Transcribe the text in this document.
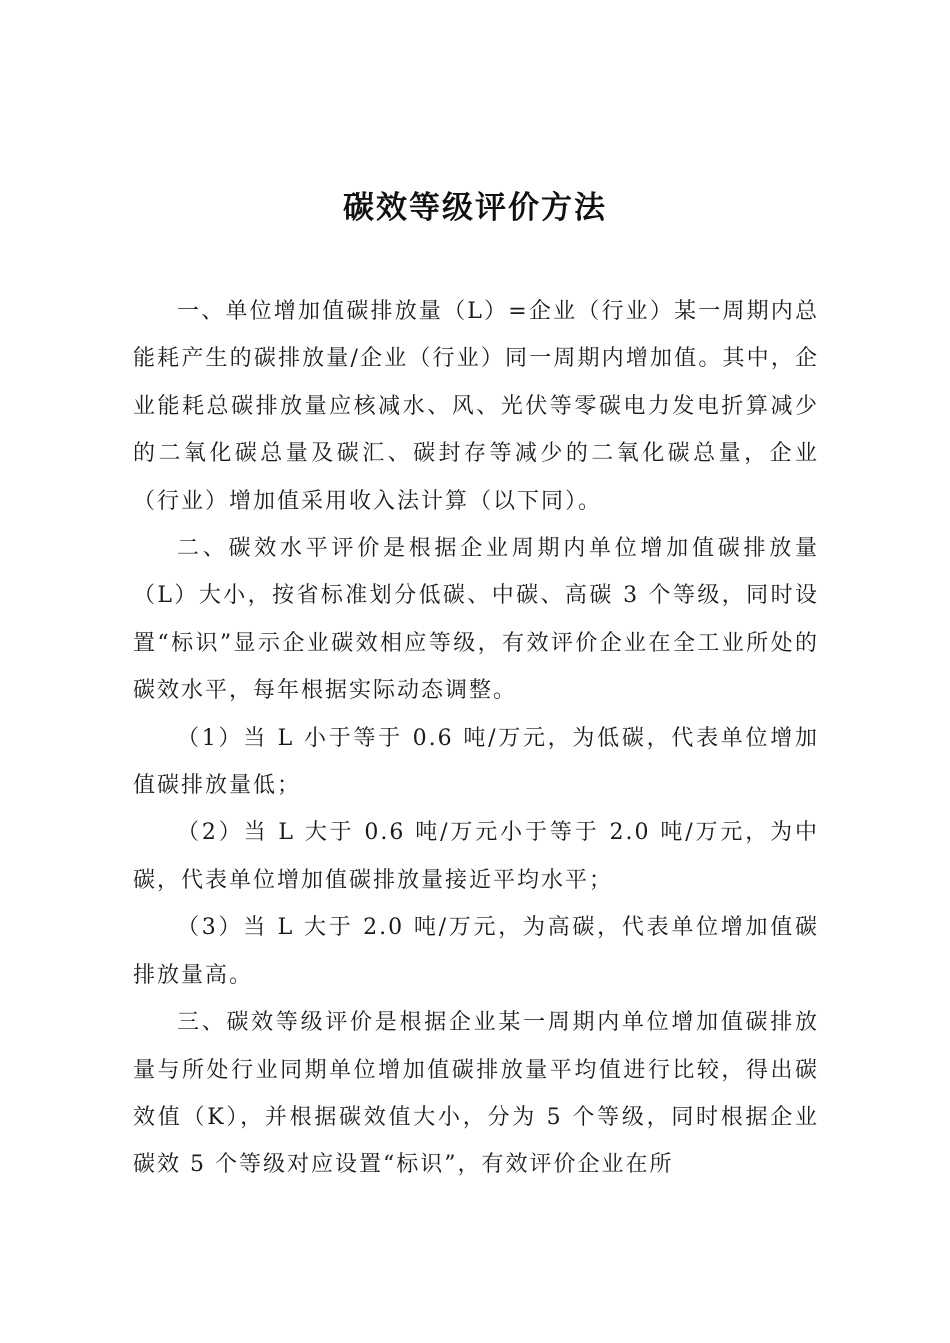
碳效等级评价方法

一、单位增加值碳排放量（L）=企业（行业）某一周期内总能耗产生的碳排放量/企业（行业）同一周期内增加值。其中，企业能耗总碳排放量应核减水、风、光伏等零碳电力发电折算减少的二氧化碳总量及碳汇、碳封存等减少的二氧化碳总量，企业（行业）增加值采用收入法计算（以下同）。

二、碳效水平评价是根据企业周期内单位增加值碳排放量（L）大小，按省标准划分低碳、中碳、高碳 3 个等级，同时设置“标识”显示企业碳效相应等级，有效评价企业在全工业所处的碳效水平，每年根据实际动态调整。

（1）当 L 小于等于 0.6 吨/万元，为低碳，代表单位增加值碳排放量低；

（2）当 L 大于 0.6 吨/万元小于等于 2.0 吨/万元，为中碳，代表单位增加值碳排放量接近平均水平；

（3）当 L 大于 2.0 吨/万元，为高碳，代表单位增加值碳排放量高。

三、碳效等级评价是根据企业某一周期内单位增加值碳排放量与所处行业同期单位增加值碳排放量平均值进行比较，得出碳效值（K），并根据碳效值大小，分为 5 个等级，同时根据企业碳效 5 个等级对应设置“标识”，有效评价企业在所
